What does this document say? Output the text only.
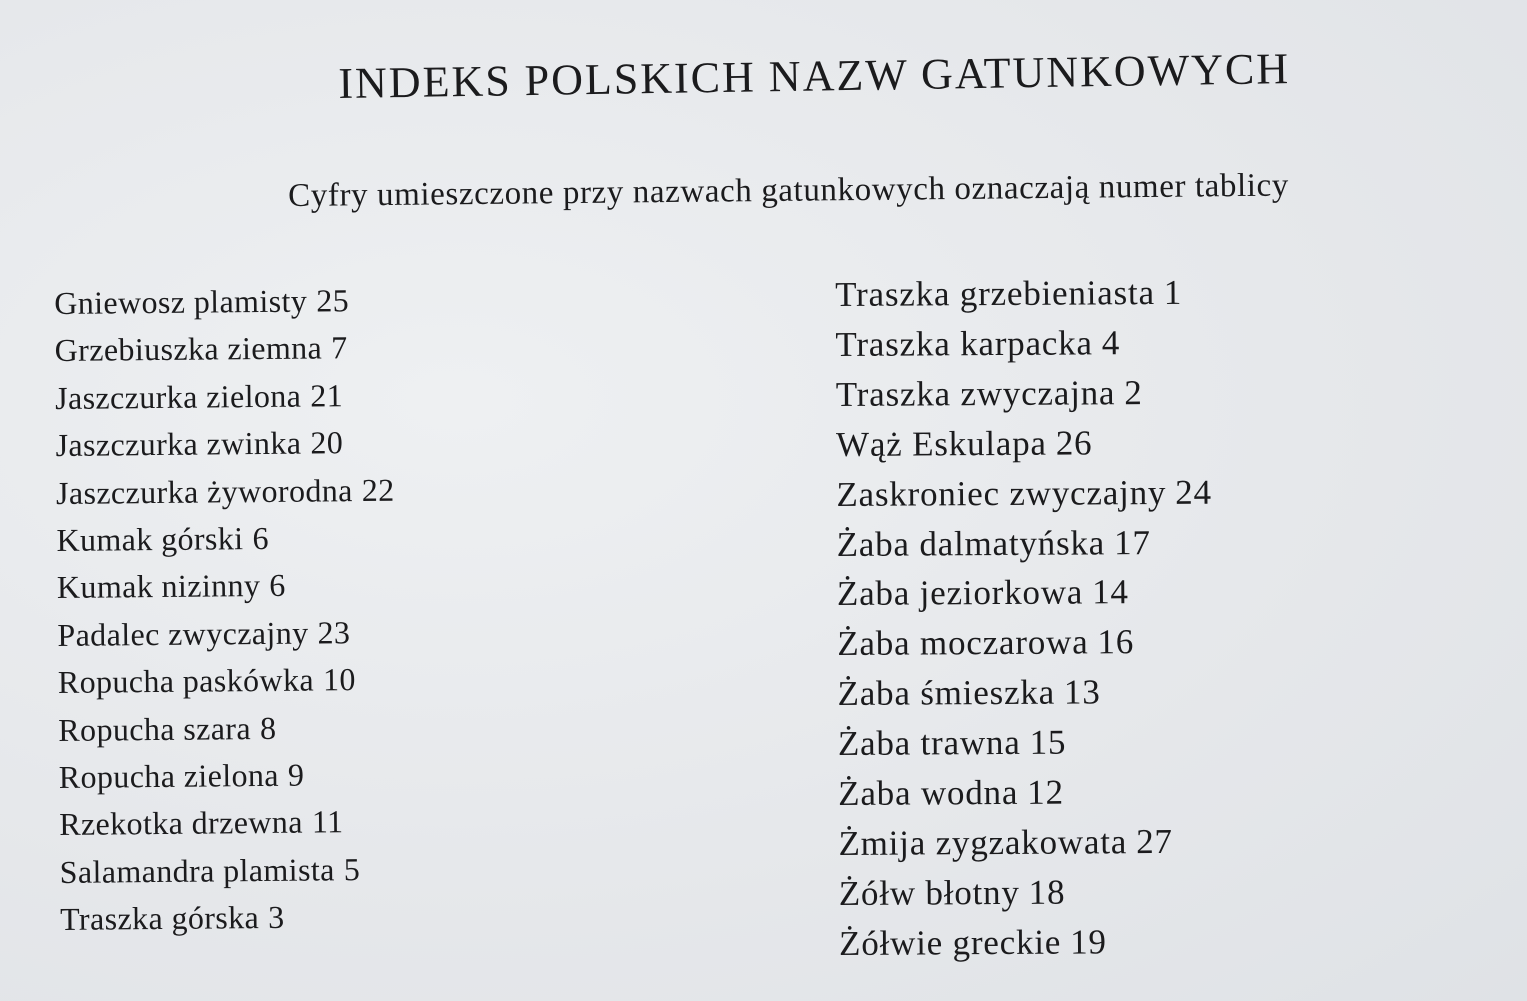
INDEKS POLSKICH NAZW GATUNKOWYCH

Cyfry umieszczone przy nazwach gatunkowych oznaczają numer tablicy

Gniewosz plamisty 25
Grzebiuszka ziemna 7
Jaszczurka zielona 21
Jaszczurka zwinka 20
Jaszczurka żyworodna 22
Kumak górski 6
Kumak nizinny 6
Padalec zwyczajny 23
Ropucha paskówka 10
Ropucha szara 8
Ropucha zielona 9
Rzekotka drzewna 11
Salamandra plamista 5
Traszka górska 3
Traszka grzebieniasta 1
Traszka karpacka 4
Traszka zwyczajna 2
Wąż Eskulapa 26
Zaskroniec zwyczajny 24
Żaba dalmatyńska 17
Żaba jeziorkowa 14
Żaba moczarowa 16
Żaba śmieszka 13
Żaba trawna 15
Żaba wodna 12
Żmija zygzakowata 27
Żółw błotny 18
Żółwie greckie 19
